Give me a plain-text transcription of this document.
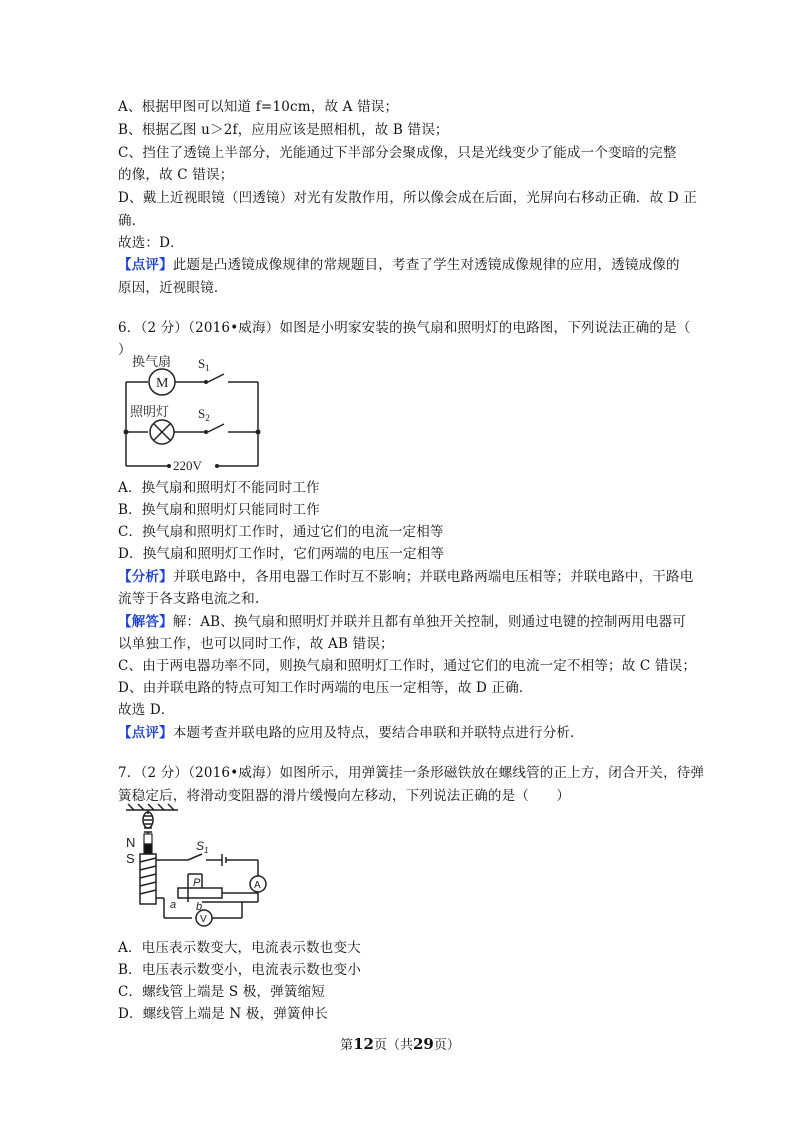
A、根据甲图可以知道 f=10cm，故 A 错误；
B、根据乙图 u＞2f，应用应该是照相机，故 B 错误；
C、挡住了透镜上半部分，光能通过下半部分会聚成像，只是光线变少了能成一个变暗的完整
的像，故 C 错误；
D、戴上近视眼镜（凹透镜）对光有发散作用，所以像会成在后面，光屏向右移动正确．故 D 正
确．
故选：D．
【点评】此题是凸透镜成像规律的常规题目，考查了学生对透镜成像规律的应用，透镜成像的
原因，近视眼镜．
6．（2 分）（2016•威海）如图是小明家安装的换气扇和照明灯的电路图，下列说法正确的是（
）
换气扇
M
$S_1$
照明灯 $S_2$
220V
A．换气扇和照明灯不能同时工作
B．换气扇和照明灯只能同时工作
C．换气扇和照明灯工作时，通过它们的电流一定相等
D．换气扇和照明灯工作时，它们两端的电压一定相等
【分析】并联电路中，各用电器工作时互不影响；并联电路两端电压相等；并联电路中，干路电
流等于各支路电流之和.
【解答】解：AB、换气扇和照明灯并联并且都有单独开关控制，则通过电键的控制两用电器可
以单独工作，也可以同时工作，故 AB 错误；
C、由于两电器功率不同，则换气扇和照明灯工作时，通过它们的电流一定不相等；故 C 错误；
D、由并联电路的特点可知工作时两端的电压一定相等，故 D 正确．
故选 D．
【点评】本题考查并联电路的应用及特点，要结合串联和并联特点进行分析．
7．（2 分）（2016•威海）如图所示，用弹簧挂一条形磁铁放在螺线管的正上方，闭合开关，待弹
簧稳定后，将滑动变阻器的滑片缓慢向左移动，下列说法正确的是（　　）
N
S
$S_1$
P
a b
A
V
A．电压表示数变大，电流表示数也变大
B．电压表示数变小，电流表示数也变小
C．螺线管上端是 S 极，弹簧缩短
D．螺线管上端是 N 极，弹簧伸长
第12页（共29页）
